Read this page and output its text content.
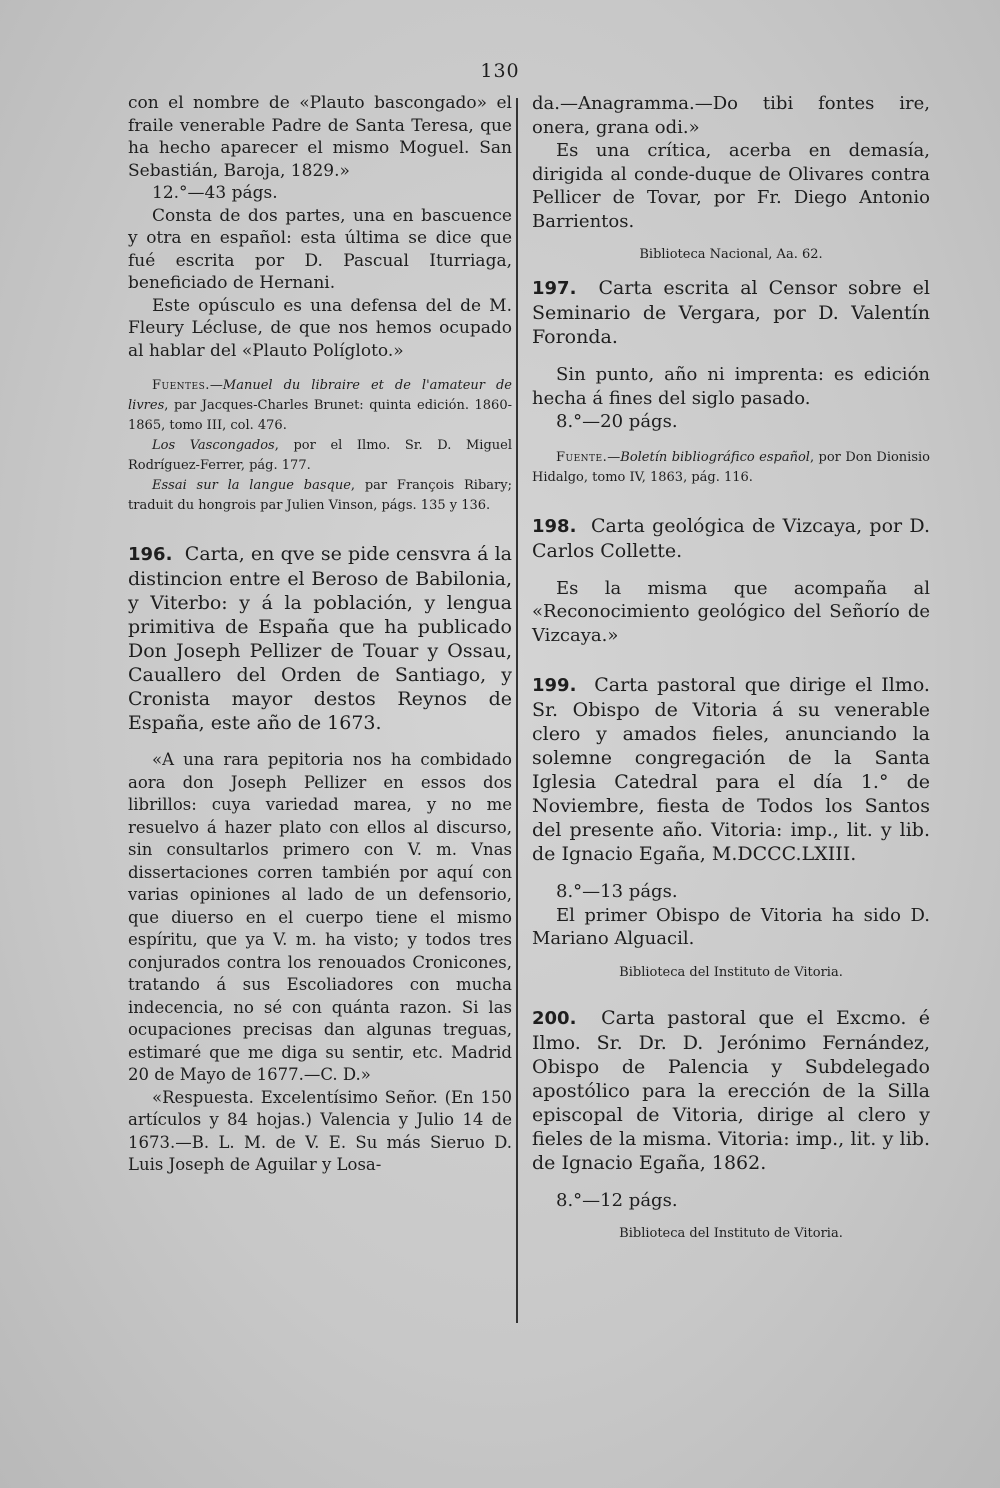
130

con el nombre de «Plauto bascongado» el fraile venerable Padre de Santa Teresa, que ha hecho aparecer el mismo Moguel. San Sebastián, Baroja, 1829.»

12.°—43 págs.

Consta de dos partes, una en bascuence y otra en español: esta última se dice que fué escrita por D. Pascual Iturriaga, beneficiado de Hernani.

Este opúsculo es una defensa del de M. Fleury Lécluse, de que nos hemos ocupado al hablar del «Plauto Polígloto.»

Fuentes.—Manuel du libraire et de l'amateur de livres, par Jacques-Charles Brunet: quinta edición. 1860-1865, tomo III, col. 476.

Los Vascongados, por el Ilmo. Sr. D. Miguel Rodríguez-Ferrer, pág. 177.

Essai sur la langue basque, par François Ribary; traduit du hongrois par Julien Vinson, págs. 135 y 136.

196. Carta, en qve se pide censvra á la distincion entre el Beroso de Babilonia, y Viterbo: y á la población, y lengua primitiva de España que ha publicado Don Joseph Pellizer de Touar y Ossau, Cauallero del Orden de Santiago, y Cronista mayor destos Reynos de España, este año de 1673.

«A una rara pepitoria nos ha combidado aora don Joseph Pellizer en essos dos librillos: cuya variedad marea, y no me resuelvo á hazer plato con ellos al discurso, sin consultarlos primero con V. m. Vnas dissertaciones corren también por aquí con varias opiniones al lado de un defensorio, que diuerso en el cuerpo tiene el mismo espíritu, que ya V. m. ha visto; y todos tres conjurados contra los renouados Cronicones, tratando á sus Escoliadores con mucha indecencia, no sé con quánta razon. Si las ocupaciones precisas dan algunas treguas, estimaré que me diga su sentir, etc. Madrid 20 de Mayo de 1677.—C. D.»

«Respuesta. Excelentísimo Señor. (En 150 artículos y 84 hojas.) Valencia y Julio 14 de 1673.—B. L. M. de V. E. Su más Sieruo D. Luis Joseph de Aguilar y Losa-

da.—Anagramma.—Do tibi fontes ire, onera, grana odi.»

Es una crítica, acerba en demasía, dirigida al conde-duque de Olivares contra Pellicer de Tovar, por Fr. Diego Antonio Barrientos.

Biblioteca Nacional, Aa. 62.

197. Carta escrita al Censor sobre el Seminario de Vergara, por D. Valentín Foronda.

Sin punto, año ni imprenta: es edición hecha á fines del siglo pasado.

8.°—20 págs.

Fuente.—Boletín bibliográfico español, por Don Dionisio Hidalgo, tomo IV, 1863, pág. 116.

198. Carta geológica de Vizcaya, por D. Carlos Collette.

Es la misma que acompaña al «Reconocimiento geológico del Señorío de Vizcaya.»

199. Carta pastoral que dirige el Ilmo. Sr. Obispo de Vitoria á su venerable clero y amados fieles, anunciando la solemne congregación de la Santa Iglesia Catedral para el día 1.° de Noviembre, fiesta de Todos los Santos del presente año. Vitoria: imp., lit. y lib. de Ignacio Egaña, M.DCCC.LXIII.

8.°—13 págs.

El primer Obispo de Vitoria ha sido D. Mariano Alguacil.

Biblioteca del Instituto de Vitoria.

200. Carta pastoral que el Excmo. é Ilmo. Sr. Dr. D. Jerónimo Fernández, Obispo de Palencia y Subdelegado apostólico para la erección de la Silla episcopal de Vitoria, dirige al clero y fieles de la misma. Vitoria: imp., lit. y lib. de Ignacio Egaña, 1862.

8.°—12 págs.

Biblioteca del Instituto de Vitoria.
